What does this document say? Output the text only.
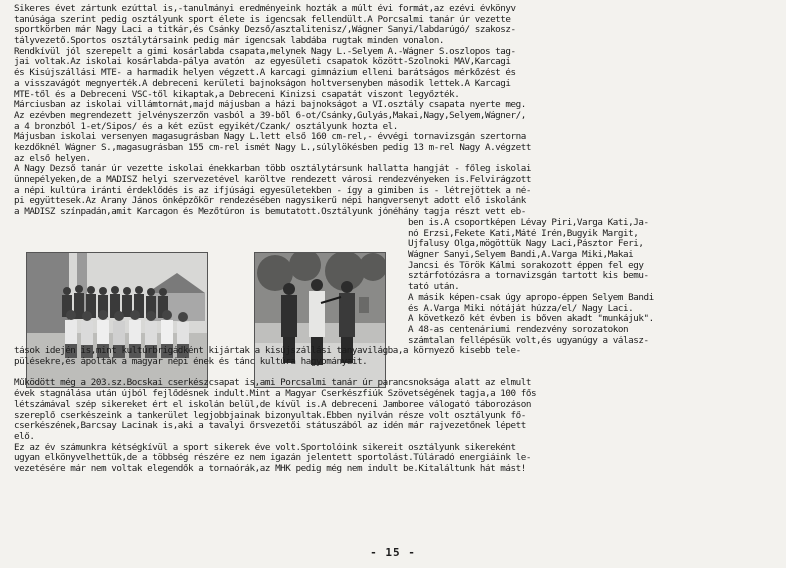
Sikeres évet zártunk ezúttal is,-tanulmányi eredményeink hozták a múlt évi formát,az ezévi évkönyv
tanúsága szerint pedig osztályunk sport élete is igencsak fellendült.A Porcsalmi tanár úr vezette
sportkörben már Nagy Laci a titkár,és Csánky Dezső/asztalitenisz/,Wágner Sanyi/labdarúgó/ szakosz-
tályvezető.Sportos osztálytársaink pedig már igencsak labdába rugtak minden vonalon.
Rendkívül jól szerepelt a gimi kosárlabda csapata,melynek Nagy L.-Selyem A.-Wágner S.oszlopos tag-
jai voltak.Az iskolai kosárlabda-pálya avatón  az egyesületi csapatok között-Szolnoki MÁV,Karcagi
és Kisújszállási MTE- a harmadik helyen végzett.A karcagi gimnázium elleni barátságos mérkőzést és
a visszavágót megnyerték.A debreceni kerületi bajnokságon holtversenyben második lettek.A Karcagi
MTE-től és a Debreceni VSC-től kikaptak,a Debreceni Kinizsi csapatát viszont legyőzték.
Márciusban az iskolai villámtornát,majd májusban a házi bajnokságot a VI.osztály csapata nyerte meg.
Az ezévben megrendezett jelvényszerzőn vasból a 39-ből 6-ot/Csánky,Gulyás,Makai,Nagy,Selyem,Wágner/,
a 4 bronzból 1-et/Sipos/ és a két ezüst egyikét/Czank/ osztályunk hozta el.
Májusban iskolai versenyen magasugrásban Nagy L.lett első 160 cm-rel,- évvégi tornavizsgán szertorna
kezdőknél Wágner S.,magasugrásban 155 cm-rel ismét Nagy L.,súlylökésben pedig 13 m-rel Nagy A.végzett
az első helyen.
A Nagy Dezső tanár úr vezette iskolai énekkarban több osztálytársunk hallatta hangját - főleg iskolai
ünnepélyeken,de a MADISZ helyi szervezetével karöltve rendezett városi rendezvényeken is.Felvirágzott
a népi kultúra iránti érdeklődés is az ifjúsági egyesületekben - így a gimiben is - létrejöttek a né-
pi együttesek.Az Arany János önképzőkör rendezésében nagysikerű népi hangversenyt adott elő iskolánk
a MADISZ színpadán,amit Karcagon és Mezőtúron is bemutatott.Osztályunk jónéhány tagja részt vett eb-
ben is.A csoportképen Lévay Piri,Varga Kati,Ja-
nó Erzsi,Fekete Kati,Máté Irén,Bugyik Margit,
Ujfalusy Olga,mögöttük Nagy Laci,Pásztor Feri,
Wágner Sanyi,Selyem Bandi,A.Varga Miki,Makai
Jancsi és Török Kálmi sorakozott éppen fel egy
sztárfotózásra a tornavizsgán tartott kis bemu-
tató után.
A másik képen-csak úgy apropo-éppen Selyem Bandi
és A.Varga Miki nótáját húzza/el/ Nagy Laci.
A következő két évben is bőven akadt "munkájuk".
A 48-as centenáriumi rendezvény sorozatokon
számtalan fellépésük volt,és ugyanúgy a válasz-
tások idején is,mint kultúrbrigádként kijártak a kisújszállási tanyavilágba,a környező kisebb tele-
pülésekre,és ápolták a magyar népi ének és tánc kultúra hagyományait.
Működött még a 203.sz.Bocskai cserkészcsapat is,ami Porcsalmi tanár úr parancsnoksága alatt az elmult
évek stagnálása után újból fejlődésnek indult.Mint a Magyar Cserkészfiúk Szövetségének tagja,a 100 fős
létszámával szép sikereket ért el iskolán belül,de kívül is.A debreceni Jamboree válogató táborozáson
szereplő cserkészeink a tankerület legjobbjainak bizonyultak.Ebben nyilván része volt osztályunk fő-
cserkészének,Barcsay Lacinak is,aki a tavalyi őrsvezetői státuszából az idén már rajvezetőnek lépett
elő.
Ez az év számunkra kétségkívül a sport sikerek éve volt.Sportolóink sikereit osztályunk sikereként
ugyan elkönyvelhettük,de a többség részére ez nem igazán jelentett sportolást.Túláradó energiáink le-
vezetésére már nem voltak elegendők a tornaórák,az MHK pedig még nem indult be.Kitaláltunk hát mást!
- 15 -
